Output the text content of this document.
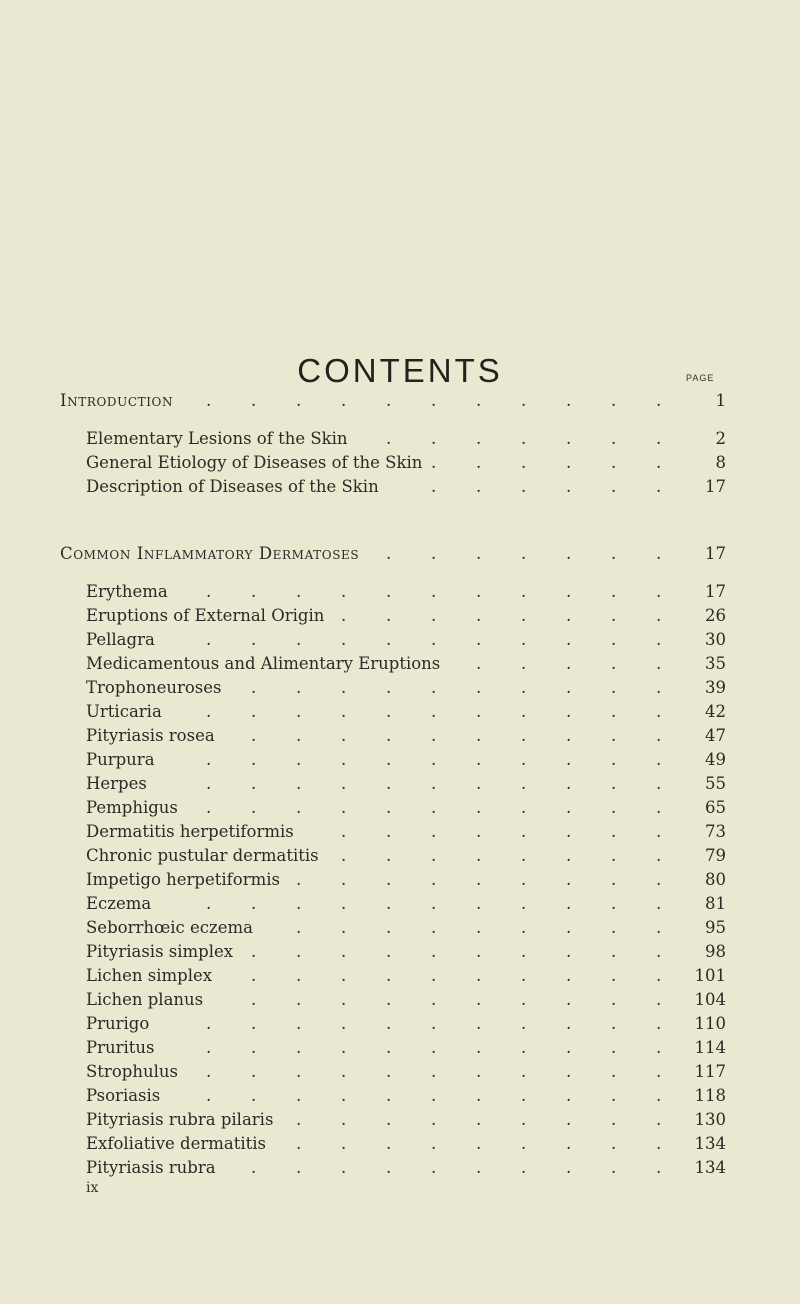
CONTENTS	PAGE
Introduction	1
. . . . . . . . . . .
Elementary Lesions of the Skin	2
. . . . . . .
General Etiology of Diseases of the Skin	8
. . . . . .
Description of Diseases of the Skin	17
. . . . . .
Common Inflammatory Dermatoses	17
. . . . . . .
Erythema	17
. . . . . . . . . . .
Eruptions of External Origin	26
. . . . . . . .
Pellagra	30
. . . . . . . . . . .
Medicamentous and Alimentary Eruptions	35
. . . . .
Trophoneuroses	39
. . . . . . . . . .
Urticaria	42
. . . . . . . . . . .
Pityriasis rosea	47
. . . . . . . . . .
Purpura	49
. . . . . . . . . . .
Herpes	55
. . . . . . . . . . .
Pemphigus	65
. . . . . . . . . . .
Dermatitis herpetiformis	73
. . . . . . . .
Chronic pustular dermatitis	79
. . . . . . . .
Impetigo herpetiformis	80
. . . . . . . . .
Eczema	81
. . . . . . . . . . .
Seborrhœic eczema	95
. . . . . . . . .
Pityriasis simplex	98
. . . . . . . . . .
Lichen simplex	101
. . . . . . . . . .
Lichen planus	104
. . . . . . . . . .
Prurigo	110
. . . . . . . . . . .
Pruritus	114
. . . . . . . . . . .
Strophulus	117
. . . . . . . . . . .
Psoriasis	118
. . . . . . . . . . .
Pityriasis rubra pilaris	130
. . . . . . . . .
Exfoliative dermatitis	134
. . . . . . . . .
Pityriasis rubra	134
. . . . . . . . . .
ix
